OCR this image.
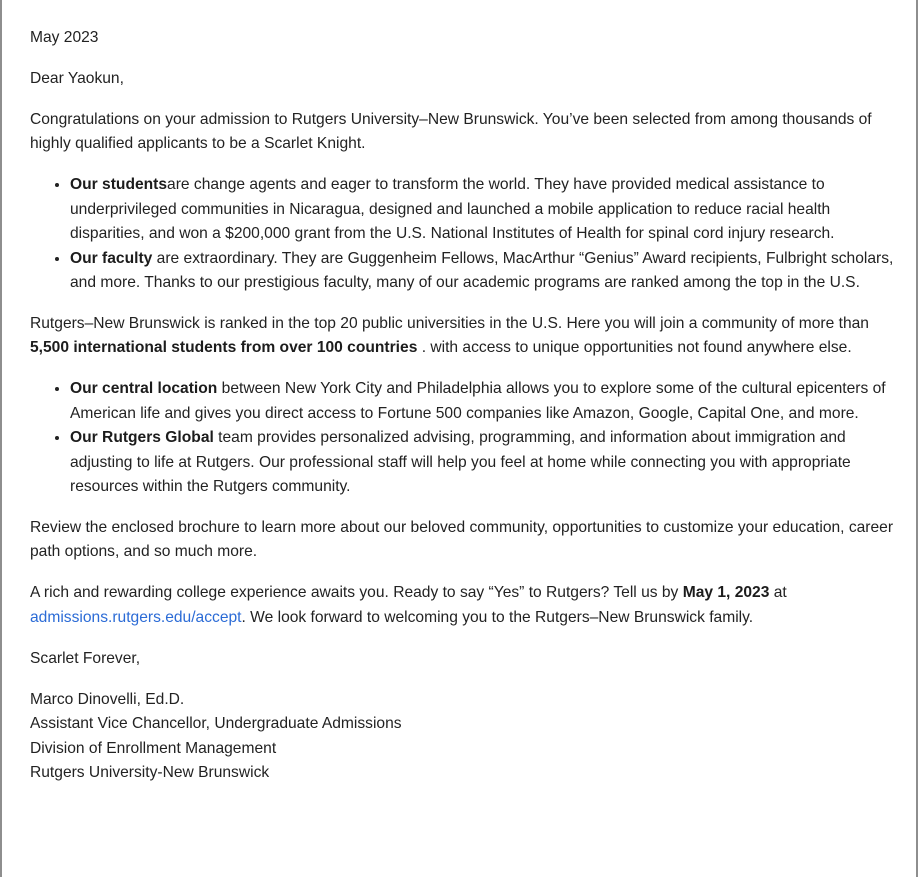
May 2023

Dear Yaokun,

Congratulations on your admission to Rutgers University–New Brunswick. You’ve been selected from among thousands of highly qualified applicants to be a Scarlet Knight.

• Our studentsare change agents and eager to transform the world. They have provided medical assistance to underprivileged communities in Nicaragua, designed and launched a mobile application to reduce racial health disparities, and won a $200,000 grant from the U.S. National Institutes of Health for spinal cord injury research.
• Our faculty are extraordinary. They are Guggenheim Fellows, MacArthur “Genius” Award recipients, Fulbright scholars, and more. Thanks to our prestigious faculty, many of our academic programs are ranked among the top in the U.S.

Rutgers–New Brunswick is ranked in the top 20 public universities in the U.S. Here you will join a community of more than 5,500 international students from over 100 countries . with access to unique opportunities not found anywhere else.

• Our central location between New York City and Philadelphia allows you to explore some of the cultural epicenters of American life and gives you direct access to Fortune 500 companies like Amazon, Google, Capital One, and more.
• Our Rutgers Global team provides personalized advising, programming, and information about immigration and adjusting to life at Rutgers. Our professional staff will help you feel at home while connecting you with appropriate resources within the Rutgers community.

Review the enclosed brochure to learn more about our beloved community, opportunities to customize your education, career path options, and so much more.

A rich and rewarding college experience awaits you. Ready to say “Yes” to Rutgers? Tell us by May 1, 2023 at admissions.rutgers.edu/accept. We look forward to welcoming you to the Rutgers–New Brunswick family.

Scarlet Forever,

Marco Dinovelli, Ed.D.
Assistant Vice Chancellor, Undergraduate Admissions
Division of Enrollment Management
Rutgers University-New Brunswick
